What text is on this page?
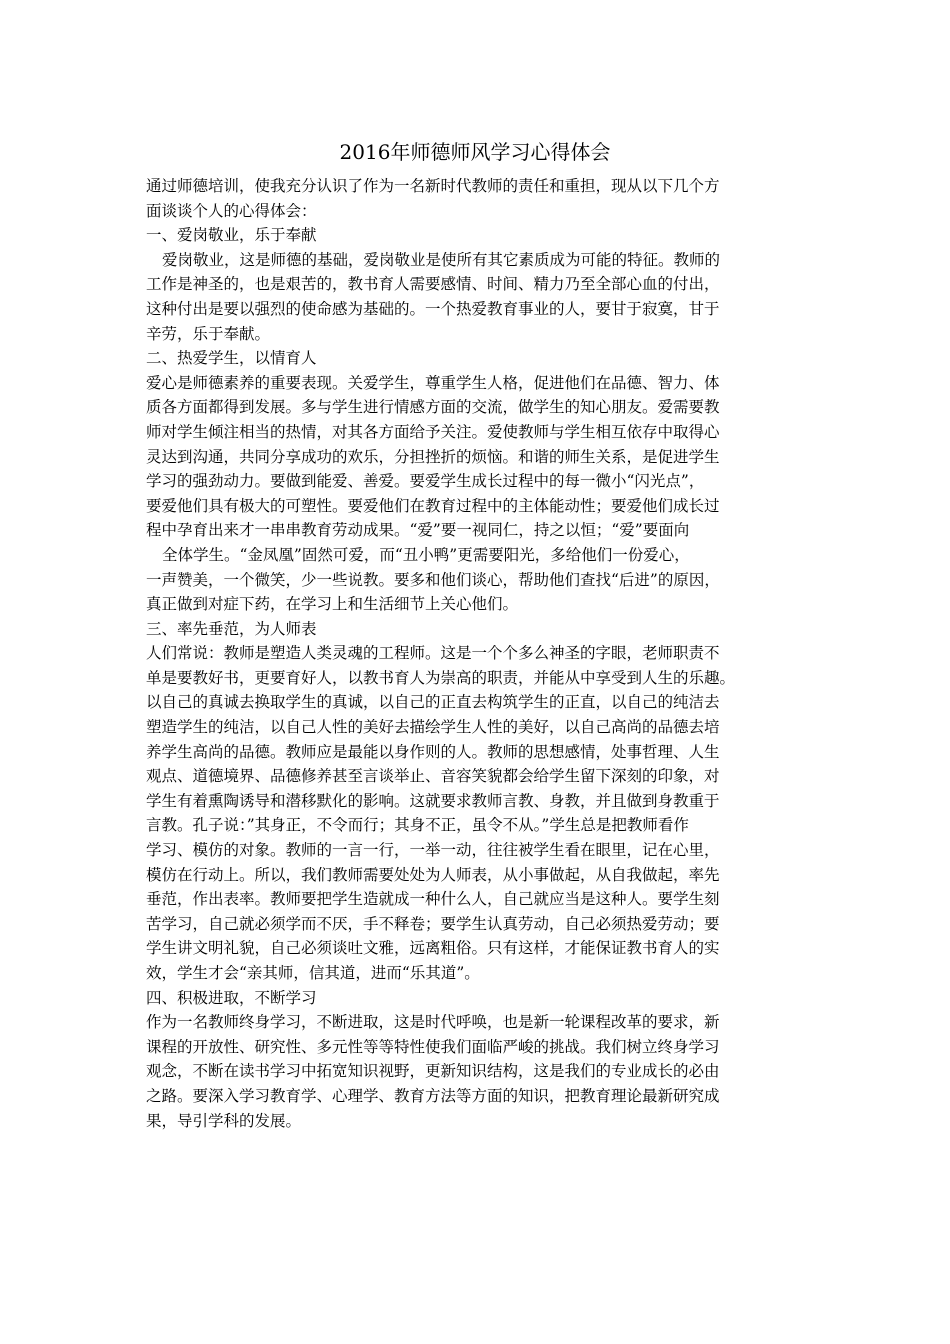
2016年师德师风学习心得体会
通过师德培训，使我充分认识了作为一名新时代教师的责任和重担，现从以下几个方
面谈谈个人的心得体会：
一、爱岗敬业，乐于奉献
爱岗敬业，这是师德的基础，爱岗敬业是使所有其它素质成为可能的特征。教师的
工作是神圣的，也是艰苦的，教书育人需要感情、时间、精力乃至全部心血的付出，
这种付出是要以强烈的使命感为基础的。一个热爱教育事业的人，要甘于寂寞，甘于
辛劳，乐于奉献。
二、热爱学生，以情育人
爱心是师德素养的重要表现。关爱学生，尊重学生人格，促进他们在品德、智力、体
质各方面都得到发展。多与学生进行情感方面的交流，做学生的知心朋友。爱需要教
师对学生倾注相当的热情，对其各方面给予关注。爱使教师与学生相互依存中取得心
灵达到沟通，共同分享成功的欢乐，分担挫折的烦恼。和谐的师生关系，是促进学生
学习的强劲动力。要做到能爱、善爱。要爱学生成长过程中的每一微小“闪光点”，
要爱他们具有极大的可塑性。要爱他们在教育过程中的主体能动性；要爱他们成长过
程中孕育出来才一串串教育劳动成果。“爱”要一视同仁，持之以恒；“爱”要面向
全体学生。“金凤凰”固然可爱，而“丑小鸭”更需要阳光，多给他们一份爱心，
一声赞美，一个微笑，少一些说教。要多和他们谈心，帮助他们查找“后进”的原因，
真正做到对症下药，在学习上和生活细节上关心他们。
三、率先垂范，为人师表
人们常说：教师是塑造人类灵魂的工程师。这是一个个多么神圣的字眼，老师职责不
单是要教好书，更要育好人，以教书育人为崇高的职责，并能从中享受到人生的乐趣。
以自己的真诚去换取学生的真诚，以自己的正直去构筑学生的正直，以自己的纯洁去
塑造学生的纯洁，以自己人性的美好去描绘学生人性的美好，以自己高尚的品德去培
养学生高尚的品德。教师应是最能以身作则的人。教师的思想感情，处事哲理、人生
观点、道德境界、品德修养甚至言谈举止、音容笑貌都会给学生留下深刻的印象，对
学生有着熏陶诱导和潜移默化的影响。这就要求教师言教、身教，并且做到身教重于
言教。孔子说：”其身正，不令而行；其身不正，虽令不从。”学生总是把教师看作
学习、模仿的对象。教师的一言一行，一举一动，往往被学生看在眼里，记在心里，
模仿在行动上。所以，我们教师需要处处为人师表，从小事做起，从自我做起，率先
垂范，作出表率。教师要把学生造就成一种什么人，自己就应当是这种人。要学生刻
苦学习，自己就必须学而不厌，手不释卷；要学生认真劳动，自己必须热爱劳动；要
学生讲文明礼貌，自己必须谈吐文雅，远离粗俗。只有这样，才能保证教书育人的实
效，学生才会“亲其师，信其道，进而“乐其道”。
四、积极进取，不断学习
作为一名教师终身学习，不断进取，这是时代呼唤，也是新一轮课程改革的要求，新
课程的开放性、研究性、多元性等等特性使我们面临严峻的挑战。我们树立终身学习
观念，不断在读书学习中拓宽知识视野，更新知识结构，这是我们的专业成长的必由
之路。要深入学习教育学、心理学、教育方法等方面的知识，把教育理论最新研究成
果，导引学科的发展。
